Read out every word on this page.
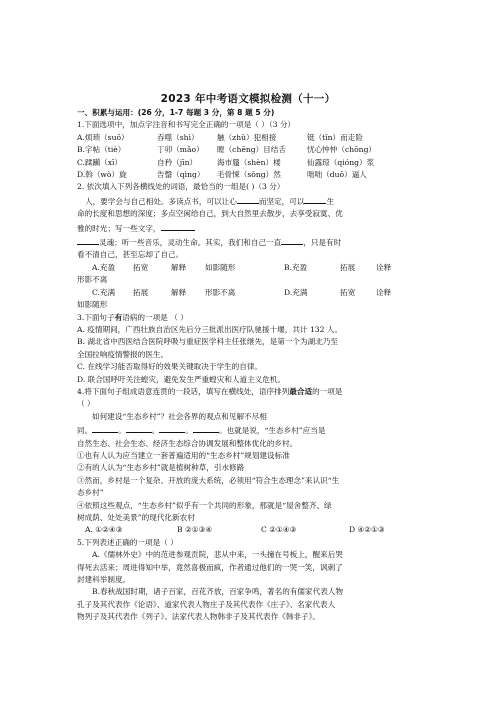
2023 年中考语文模拟检测（十一）
一、积累与运用：(26 分，1-7 每题 3 分，第 8 题 5 分)
1.下面选项中，加点字注音和书写完全正确的一项是（ ）（3 分）
A.烦琐（suǒ）	吞噬（shì）	触（zhǔ）犯相接	铤（tǐn）而走险
B.字帖（tiè）	丁卯（mǎo）	瞠（chēng）目结舌	忧心忡忡（chōng）
C.蹂躏（xī）	自矜（jīn）	海市蜃（shèn）楼	仙露琼（qióng）浆
D.斡（wò）旋	告罄（qìng）	毛骨悚（sǒng）然	咄咄（duō）逼人
2. 依次填入下列各横线处的词语，最恰当的一组是( )（3 分）
人，要学会与自己相处。多读点书，可以让心	而坚定，可以	生
命的长度和思想的深度；多点空闲给自己，到大自然里去散步，去享受寂寞、优
雅的时光；写一些文字，
灵魂；听一些音乐，灵动生命。其实，我们和自己一直	，只是有时
看不清自己，甚至忘却了自己。
A.充盈	拓宽	解释	如影随形	B.充盈	拓展	诠释
形影不离
C.充满	拓展	解释	形影不离	D.充满	拓宽	诠释
如影随形
3.下面句子有语病的一项是 （ ）
A. 疫情期间，广西壮族自治区先后分三批派出医疗队驰援十堰，共计 132 人。
B. 湖北省中西医结合医院呼吸与重症医学科主任张继先，是第一个为湖北乃至
全国拉响疫情警报的医生。
C. 在线学习能否取得好的效果关键取决于学生的自律。
D. 联合国呼吁关注蝗灾，避免发生严重蝗灾和人道主义危机。
4.将下面句子组成语意连贯的一段话，填写在横线处，语序排列最合适的一项是
（ ）
如何建设“生态乡村”？社会各界的观点和见解不尽相
同。	。	。	。	。也就是说，“生态乡村”应当是
自然生态、社会生态、经济生态综合协调发展和整体优化的乡村。
①也有人认为应当建立一套普遍适用的“生态乡村”规划建设标准
②有的人认为“生态乡村”就是植树种草，引水修路
③然而，乡村是一个复杂、开放的庞大系统，必须用“符合生态理念”来认识“生
态乡村”
④依照这些观点，“生态乡村”似乎有一个共同的形象，那就是“屋舍整齐、绿
树成荫、处处美景”的现代化新农村
A. ①②④③	B ②①③④	C ②①④③	D ④②①③
5.下列表述正确的一项是（ ）
A.《儒林外史》中的范进参观贡院，悲从中来，一头撞在号板上，醒来后哭
得死去活来；周进得知中举，竟然喜极而疯，作者通过他们的一哭一笑，讽刺了
封建科举制度。
B.春秋战国时期，诸子百家，百花齐放，百家争鸣，著名的有儒家代表人物
孔子及其代表作《论语》、道家代表人物庄子及其代表作《庄子》、名家代表人
物列子及其代表作《列子》、法家代表人物韩非子及其代表作《韩非子》。
